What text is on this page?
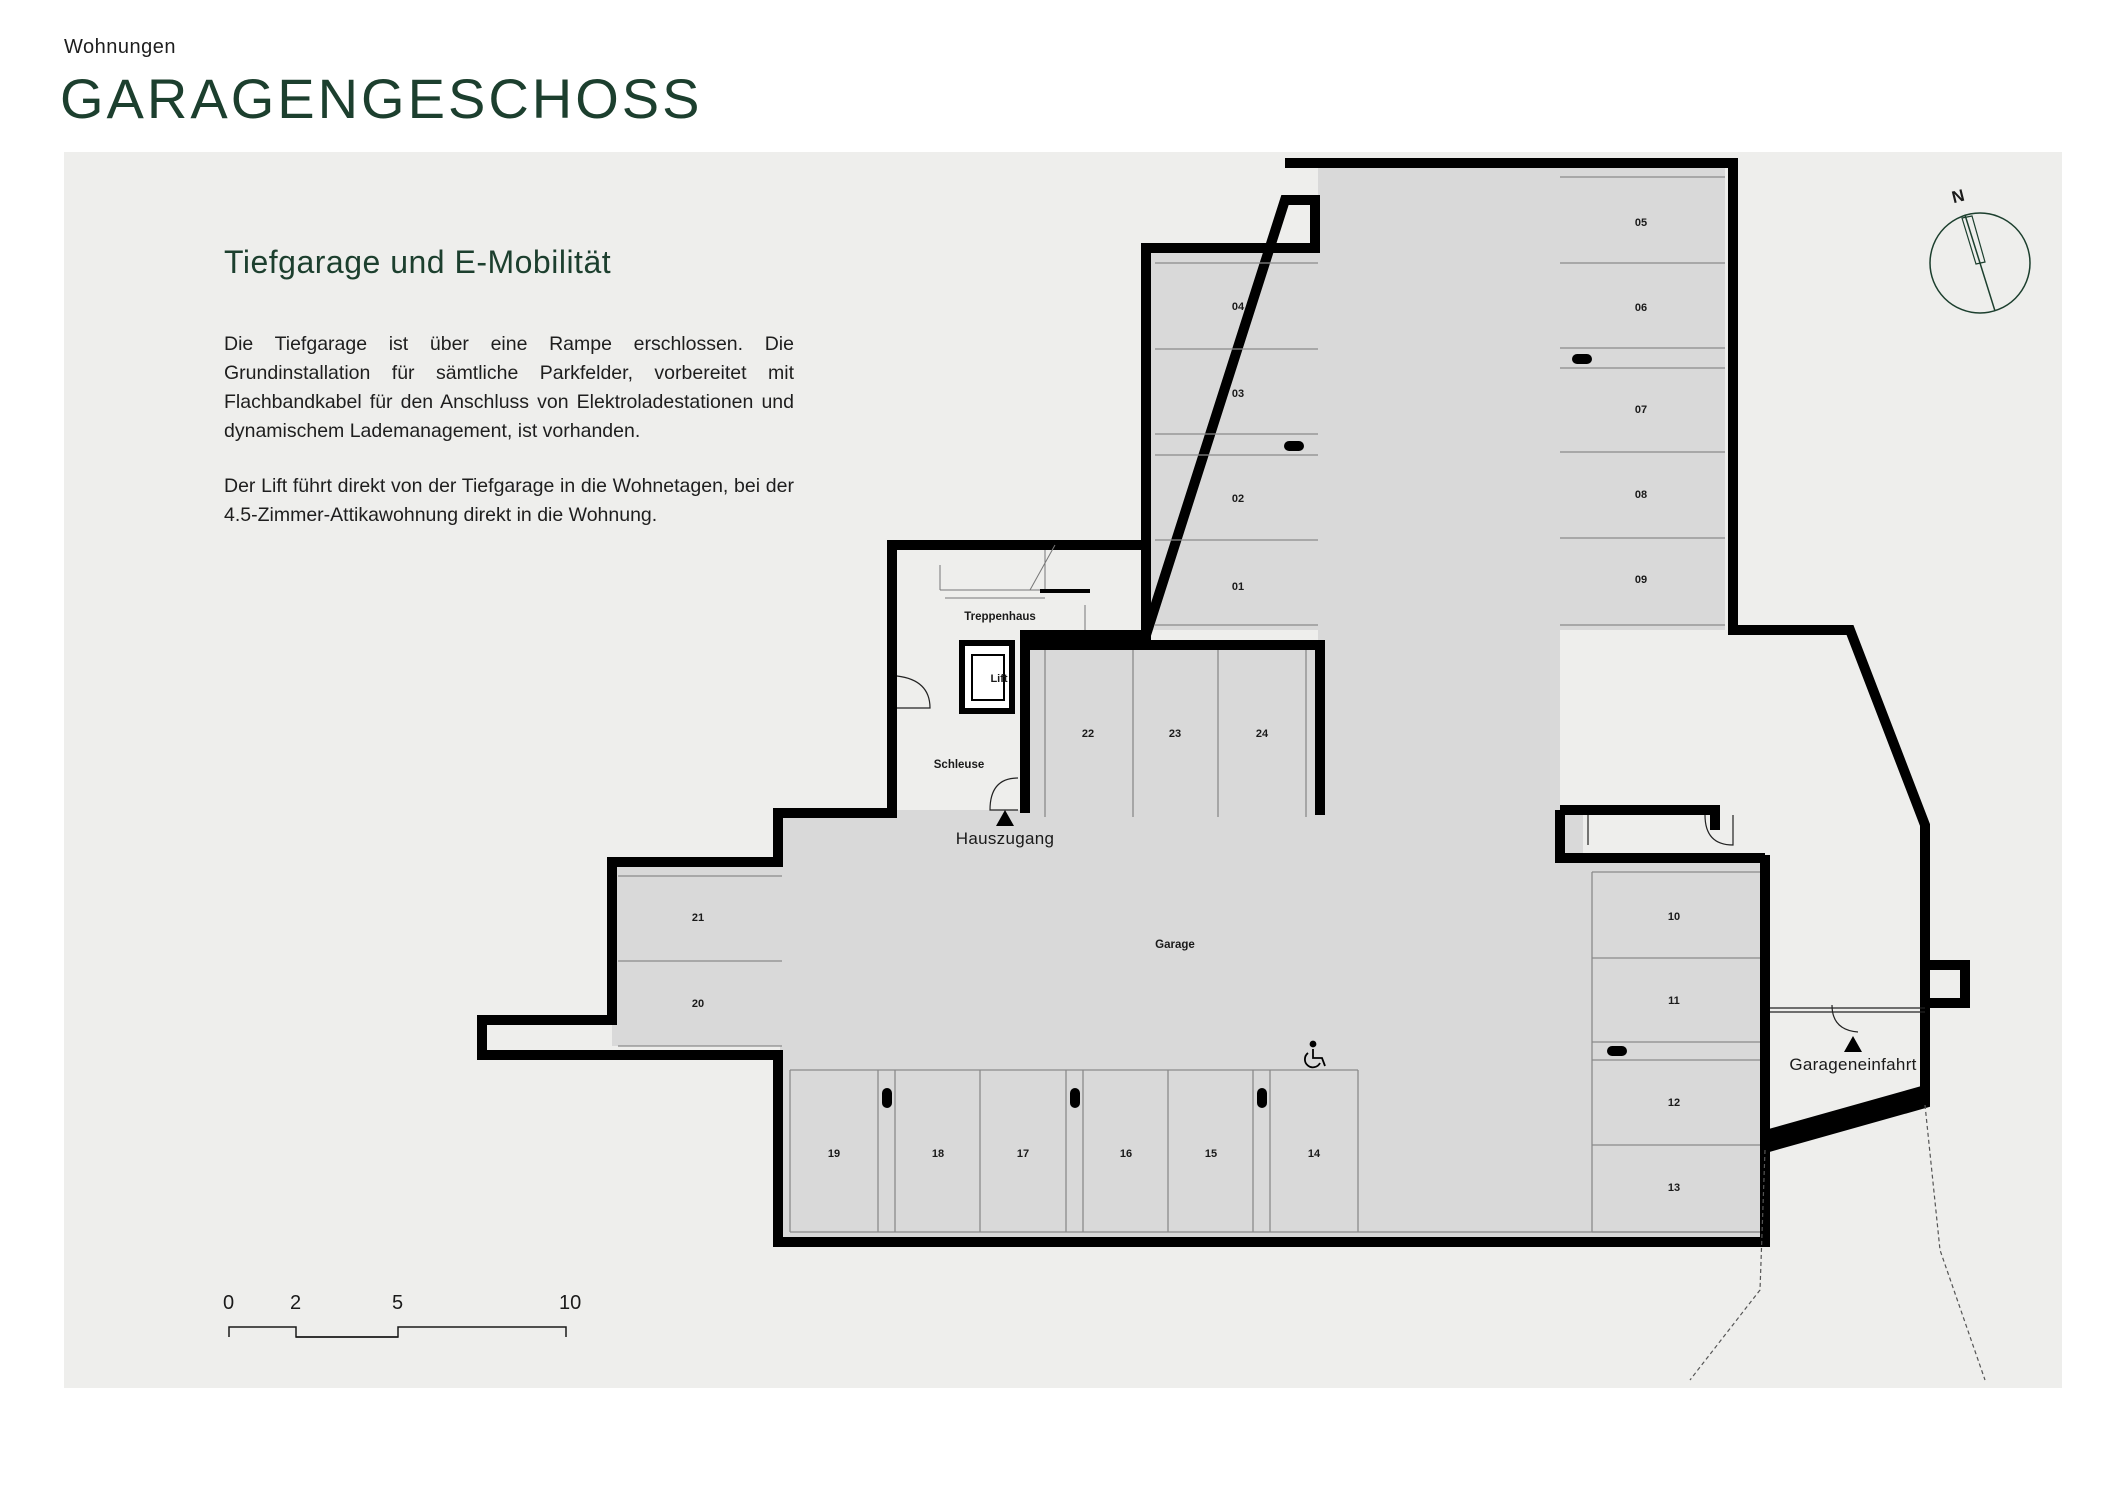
Wohnungen
GARAGENGESCHOSS
Tiefgarage und E-Mobilität

Die Tiefgarage ist über eine Rampe erschlossen. Die Grundinstallation für sämtliche Parkfelder, vorbereitet mit Flachbandkabel für den Anschluss von Elektroladestationen und dynamischem Lademanagement, ist vorhanden.

Der Lift führt direkt von der Tiefgarage in die Wohnetagen, bei der 4.5-Zimmer-Attikawohnung direkt in die Wohnung.

01
02
03
04
05
06
07
08
09
10
11
12
13
14
15
16
17
18
19
20
21
22	23	24
Treppenhaus
Lift
Schleuse
Garage
Hauszugang
Garageneinfahrt
N
0	2	5	10
